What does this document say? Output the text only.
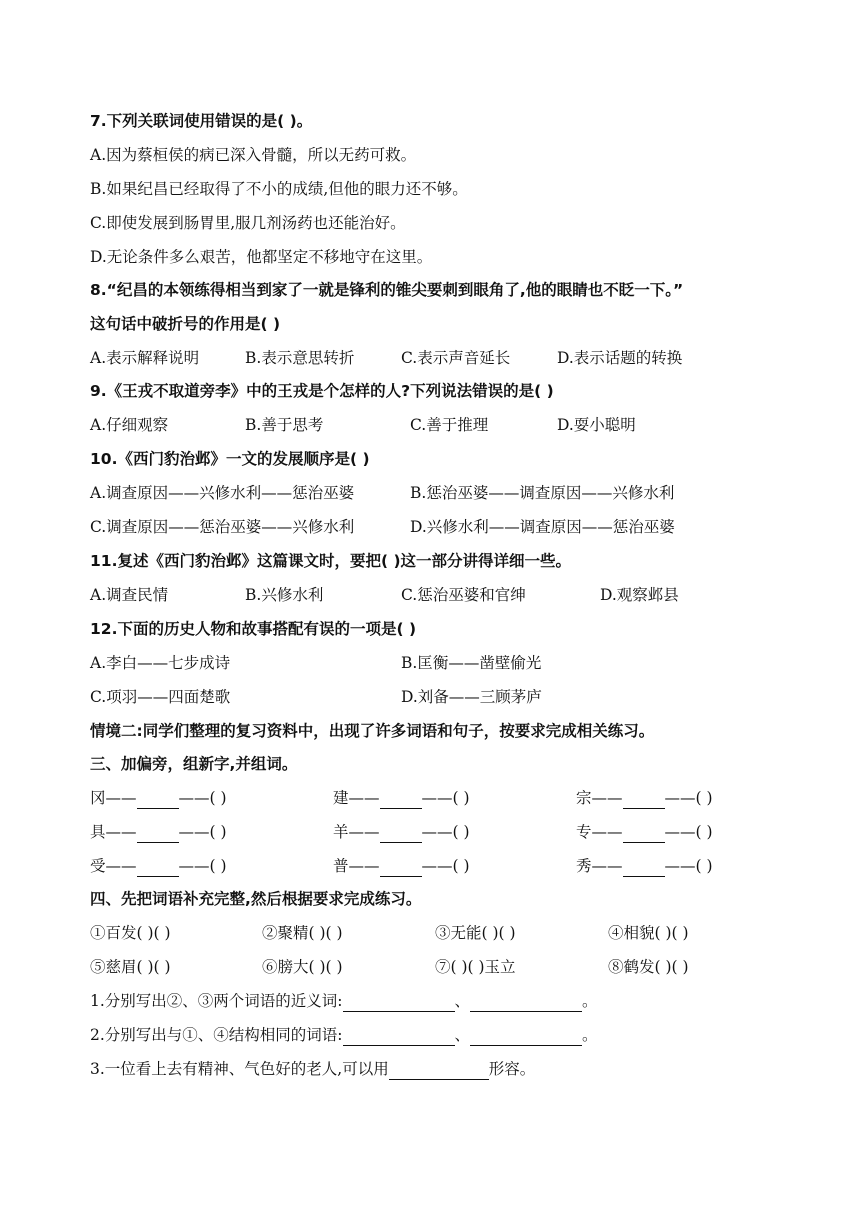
7.下列关联词使用错误的是( )。
A.因为蔡桓侯的病已深入骨髓，所以无药可救。
B.如果纪昌已经取得了不小的成绩,但他的眼力还不够。
C.即使发展到肠胃里,服几剂汤药也还能治好。
D.无论条件多么艰苦，他都坚定不移地守在这里。
8.“纪昌的本领练得相当到家了一就是锋利的锥尖要刺到眼角了,他的眼睛也不眨一下。”
这句话中破折号的作用是( )
A.表示解释说明	B.表示意思转折	C.表示声音延长	D.表示话题的转换
9.《王戎不取道旁李》中的王戎是个怎样的人?下列说法错误的是( )
A.仔细观察	B.善于思考	C.善于推理	D.耍小聪明
10.《西门豹治邺》一文的发展顺序是( )
A.调查原因——兴修水利——惩治巫婆	B.惩治巫婆——调查原因——兴修水利
C.调查原因——惩治巫婆——兴修水利	D.兴修水利——调查原因——惩治巫婆
11.复述《西门豹治邺》这篇课文时，要把( )这一部分讲得详细一些。
A.调查民情	B.兴修水利	C.惩治巫婆和官绅	D.观察邺县
12.下面的历史人物和故事搭配有误的一项是( )
A.李白——七步成诗	B.匡衡——凿壁偷光
C.项羽——四面楚歌	D.刘备——三顾茅庐
情境二:同学们整理的复习资料中，出现了许多词语和句子，按要求完成相关练习。
三、加偏旁，组新字,并组词。
冈——	——( )	建——	——( )	宗——	——( )
具——	——( )	羊——	——( )	专——	——( )
受——	——( )	普——	——( )	秀——	——( )
四、先把词语补充完整,然后根据要求完成练习。
①百发( )( )	②聚精( )( )	③无能( )( )	④相貌( )( )
⑤慈眉( )( )	⑥膀大( )( )	⑦( )( )玉立	⑧鹤发( )( )
1.分别写出②、③两个词语的近义词:	、	。
2.分别写出与①、④结构相同的词语:	、	。
3.一位看上去有精神、气色好的老人,可以用	形容。
